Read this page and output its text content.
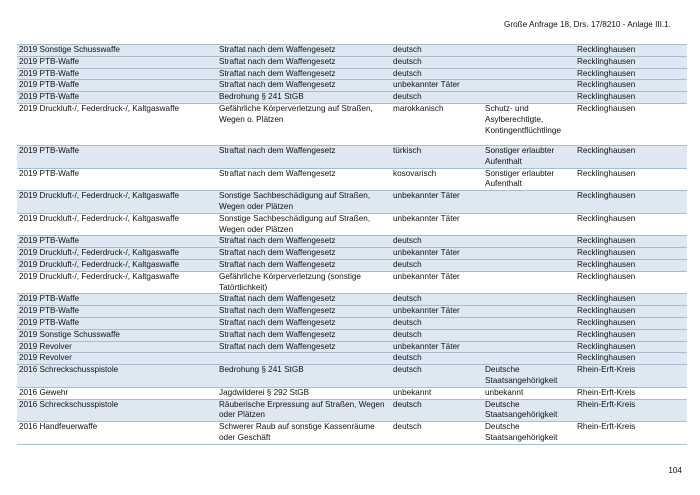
Große Anfrage 18, Drs. 17/8210 - Anlage III.1.
2019 Sonstige Schusswaffe	Straftat nach dem Waffengesetz	deutsch		Recklinghausen
2019 PTB-Waffe	Straftat nach dem Waffengesetz	deutsch		Recklinghausen
2019 PTB-Waffe	Straftat nach dem Waffengesetz	deutsch		Recklinghausen
2019 PTB-Waffe	Straftat nach dem Waffengesetz	unbekannter Täter		Recklinghausen
2019 PTB-Waffe	Bedrohung § 241 StGB	deutsch		Recklinghausen
2019 Druckluft-/, Federdruck-/, Kaltgaswaffe	Gefährliche Körperverletzung auf Straßen, Wegen o. Plätzen	marokkanisch	Schutz- und Asylberechtigte, Kontingentflüchtlinge	Recklinghausen
2019 PTB-Waffe	Straftat nach dem Waffengesetz	türkisch	Sonstiger erlaubter Aufenthalt	Recklinghausen
2019 PTB-Waffe	Straftat nach dem Waffengesetz	kosovarisch	Sonstiger erlaubter Aufenthalt	Recklinghausen
2019 Druckluft-/, Federdruck-/, Kaltgaswaffe	Sonstige Sachbeschädigung auf Straßen, Wegen oder Plätzen	unbekannter Täter		Recklinghausen
2019 Druckluft-/, Federdruck-/, Kaltgaswaffe	Sonstige Sachbeschädigung auf Straßen, Wegen oder Plätzen	unbekannter Täter		Recklinghausen
2019 PTB-Waffe	Straftat nach dem Waffengesetz	deutsch		Recklinghausen
2019 Druckluft-/, Federdruck-/, Kaltgaswaffe	Straftat nach dem Waffengesetz	unbekannter Täter		Recklinghausen
2019 Druckluft-/, Federdruck-/, Kaltgaswaffe	Straftat nach dem Waffengesetz	deutsch		Recklinghausen
2019 Druckluft-/, Federdruck-/, Kaltgaswaffe	Gefährliche Körperverletzung (sonstige Tatörtlichkeit)	unbekannter Täter		Recklinghausen
2019 PTB-Waffe	Straftat nach dem Waffengesetz	deutsch		Recklinghausen
2019 PTB-Waffe	Straftat nach dem Waffengesetz	unbekannter Täter		Recklinghausen
2019 PTB-Waffe	Straftat nach dem Waffengesetz	deutsch		Recklinghausen
2019 Sonstige Schusswaffe	Straftat nach dem Waffengesetz	deutsch		Recklinghausen
2019 Revolver	Straftat nach dem Waffengesetz	unbekannter Täter		Recklinghausen
2019 Revolver		deutsch		Recklinghausen
2016 Schreckschusspistole	Bedrohung § 241 StGB	deutsch	Deutsche Staatsangehörigkeit	Rhein-Erft-Kreis
2016 Gewehr	Jagdwilderei § 292 StGB	unbekannt	unbekannt	Rhein-Erft-Kreis
2016 Schreckschusspistole	Räuberische Erpressung auf Straßen, Wegen oder Plätzen	deutsch	Deutsche Staatsangehörigkeit	Rhein-Erft-Kreis
2016 Handfeuerwaffe	Schwerer Raub auf sonstige Kassenräume oder Geschäft	deutsch	Deutsche Staatsangehörigkeit	Rhein-Erft-Kreis
104
